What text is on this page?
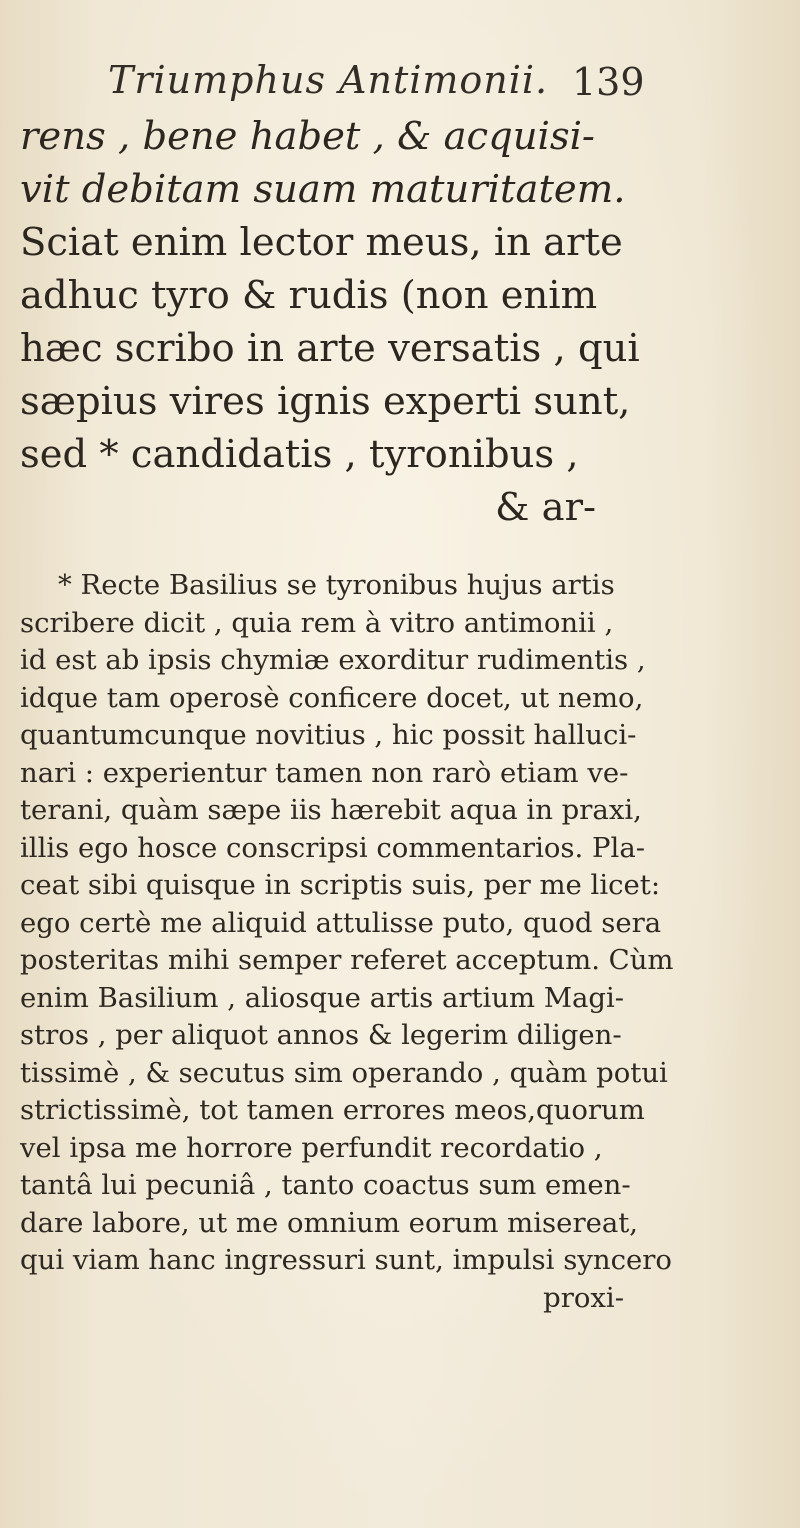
Triumphus Antimonii. 139
rens , bene habet , & acquisi-
vit debitam suam maturitatem.
Sciat enim lector meus, in arte
adhuc tyro & rudis (non enim
hæc scribo in arte versatis , qui
sæpius vires ignis experti sunt,
sed * candidatis , tyronibus ,
& ar-
* Recte Basilius se tyronibus hujus artis
scribere dicit , quia rem à vitro antimonii ,
id est ab ipsis chymiæ exorditur rudimentis ,
idque tam operosè conficere docet, ut nemo,
quantumcunque novitius , hic possit halluci-
nari : experientur tamen non rarò etiam ve-
terani, quàm sæpe iis hærebit aqua in praxi,
illis ego hosce conscripsi commentarios. Pla-
ceat sibi quisque in scriptis suis, per me licet:
ego certè me aliquid attulisse puto, quod sera
posteritas mihi semper referet acceptum. Cùm
enim Basilium , aliosque artis artium Magi-
stros , per aliquot annos & legerim diligen-
tissimè , & secutus sim operando , quàm potui
strictissimè, tot tamen errores meos,quorum
vel ipsa me horrore perfundit recordatio ,
tantâ lui pecuniâ , tanto coactus sum emen-
dare labore, ut me omnium eorum misereat,
qui viam hanc ingressuri sunt, impulsi syncero
proxi-
